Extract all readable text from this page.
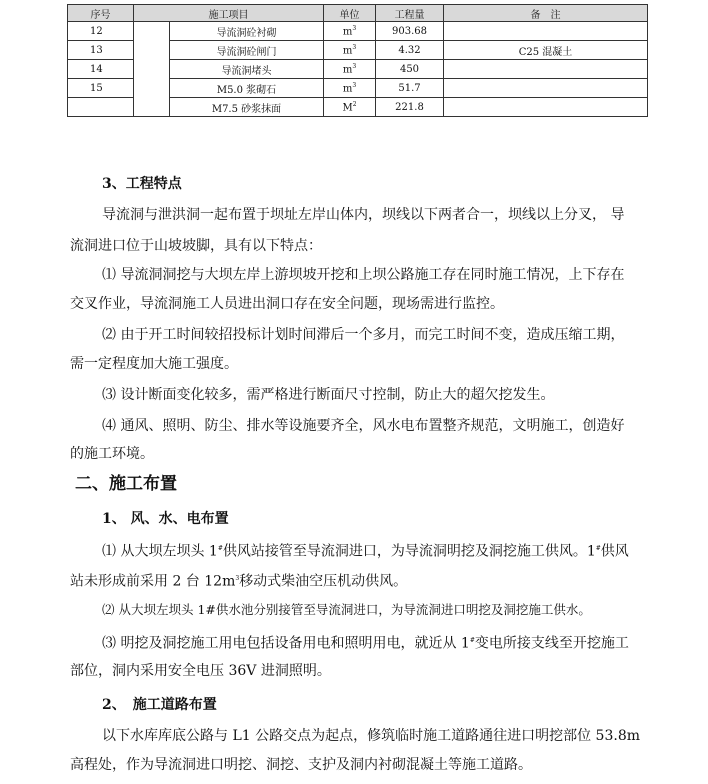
序号	施工项目		单位	工程量	备　注
12		导流洞砼衬砌	$m^3$	903.68	
13		导流洞砼闸门	$m^3$	4.32	C25 混凝土
14		导流洞堵头	$m^3$	450	
15		M5.0 浆砌石	$m^3$	51.7	
		M7.5 砂浆抹面	$M^2$	221.8	
3、工程特点
导流洞与泄洪洞一起布置于坝址左岸山体内，坝线以下两者合一，坝线以上分叉， 导
流洞进口位于山坡坡脚，具有以下特点：
⑴ 导流洞洞挖与大坝左岸上游坝坡开挖和上坝公路施工存在同时施工情况，上下存在
交叉作业，导流洞施工人员进出洞口存在安全问题，现场需进行监控。
⑵ 由于开工时间较招投标计划时间滞后一个多月，而完工时间不变，造成压缩工期，
需一定程度加大施工强度。
⑶ 设计断面变化较多，需严格进行断面尺寸控制，防止大的超欠挖发生。
⑷ 通风、照明、防尘、排水等设施要齐全，风水电布置整齐规范，文明施工，创造好
的施工环境。
二、施工布置
1、 风、水、电布置
⑴ 从大坝左坝头 1#供风站接管至导流洞进口，为导流洞明挖及洞挖施工供风。1#供风
站未形成前采用 2 台 $12m^3$移动式柴油空压机动供风。
⑵ 从大坝左坝头 1#供水池分别接管至导流洞进口，为导流洞进口明挖及洞挖施工供水。
⑶ 明挖及洞挖施工用电包括设备用电和照明用电，就近从 1#变电所接支线至开挖施工
部位，洞内采用安全电压 36V 进洞照明。
2、　施工道路布置
以下水库库底公路与 L1 公路交点为起点，修筑临时施工道路通往进口明挖部位 53.8m
高程处，作为导流洞进口明挖、洞挖、支护及洞内衬砌混凝土等施工道路。
